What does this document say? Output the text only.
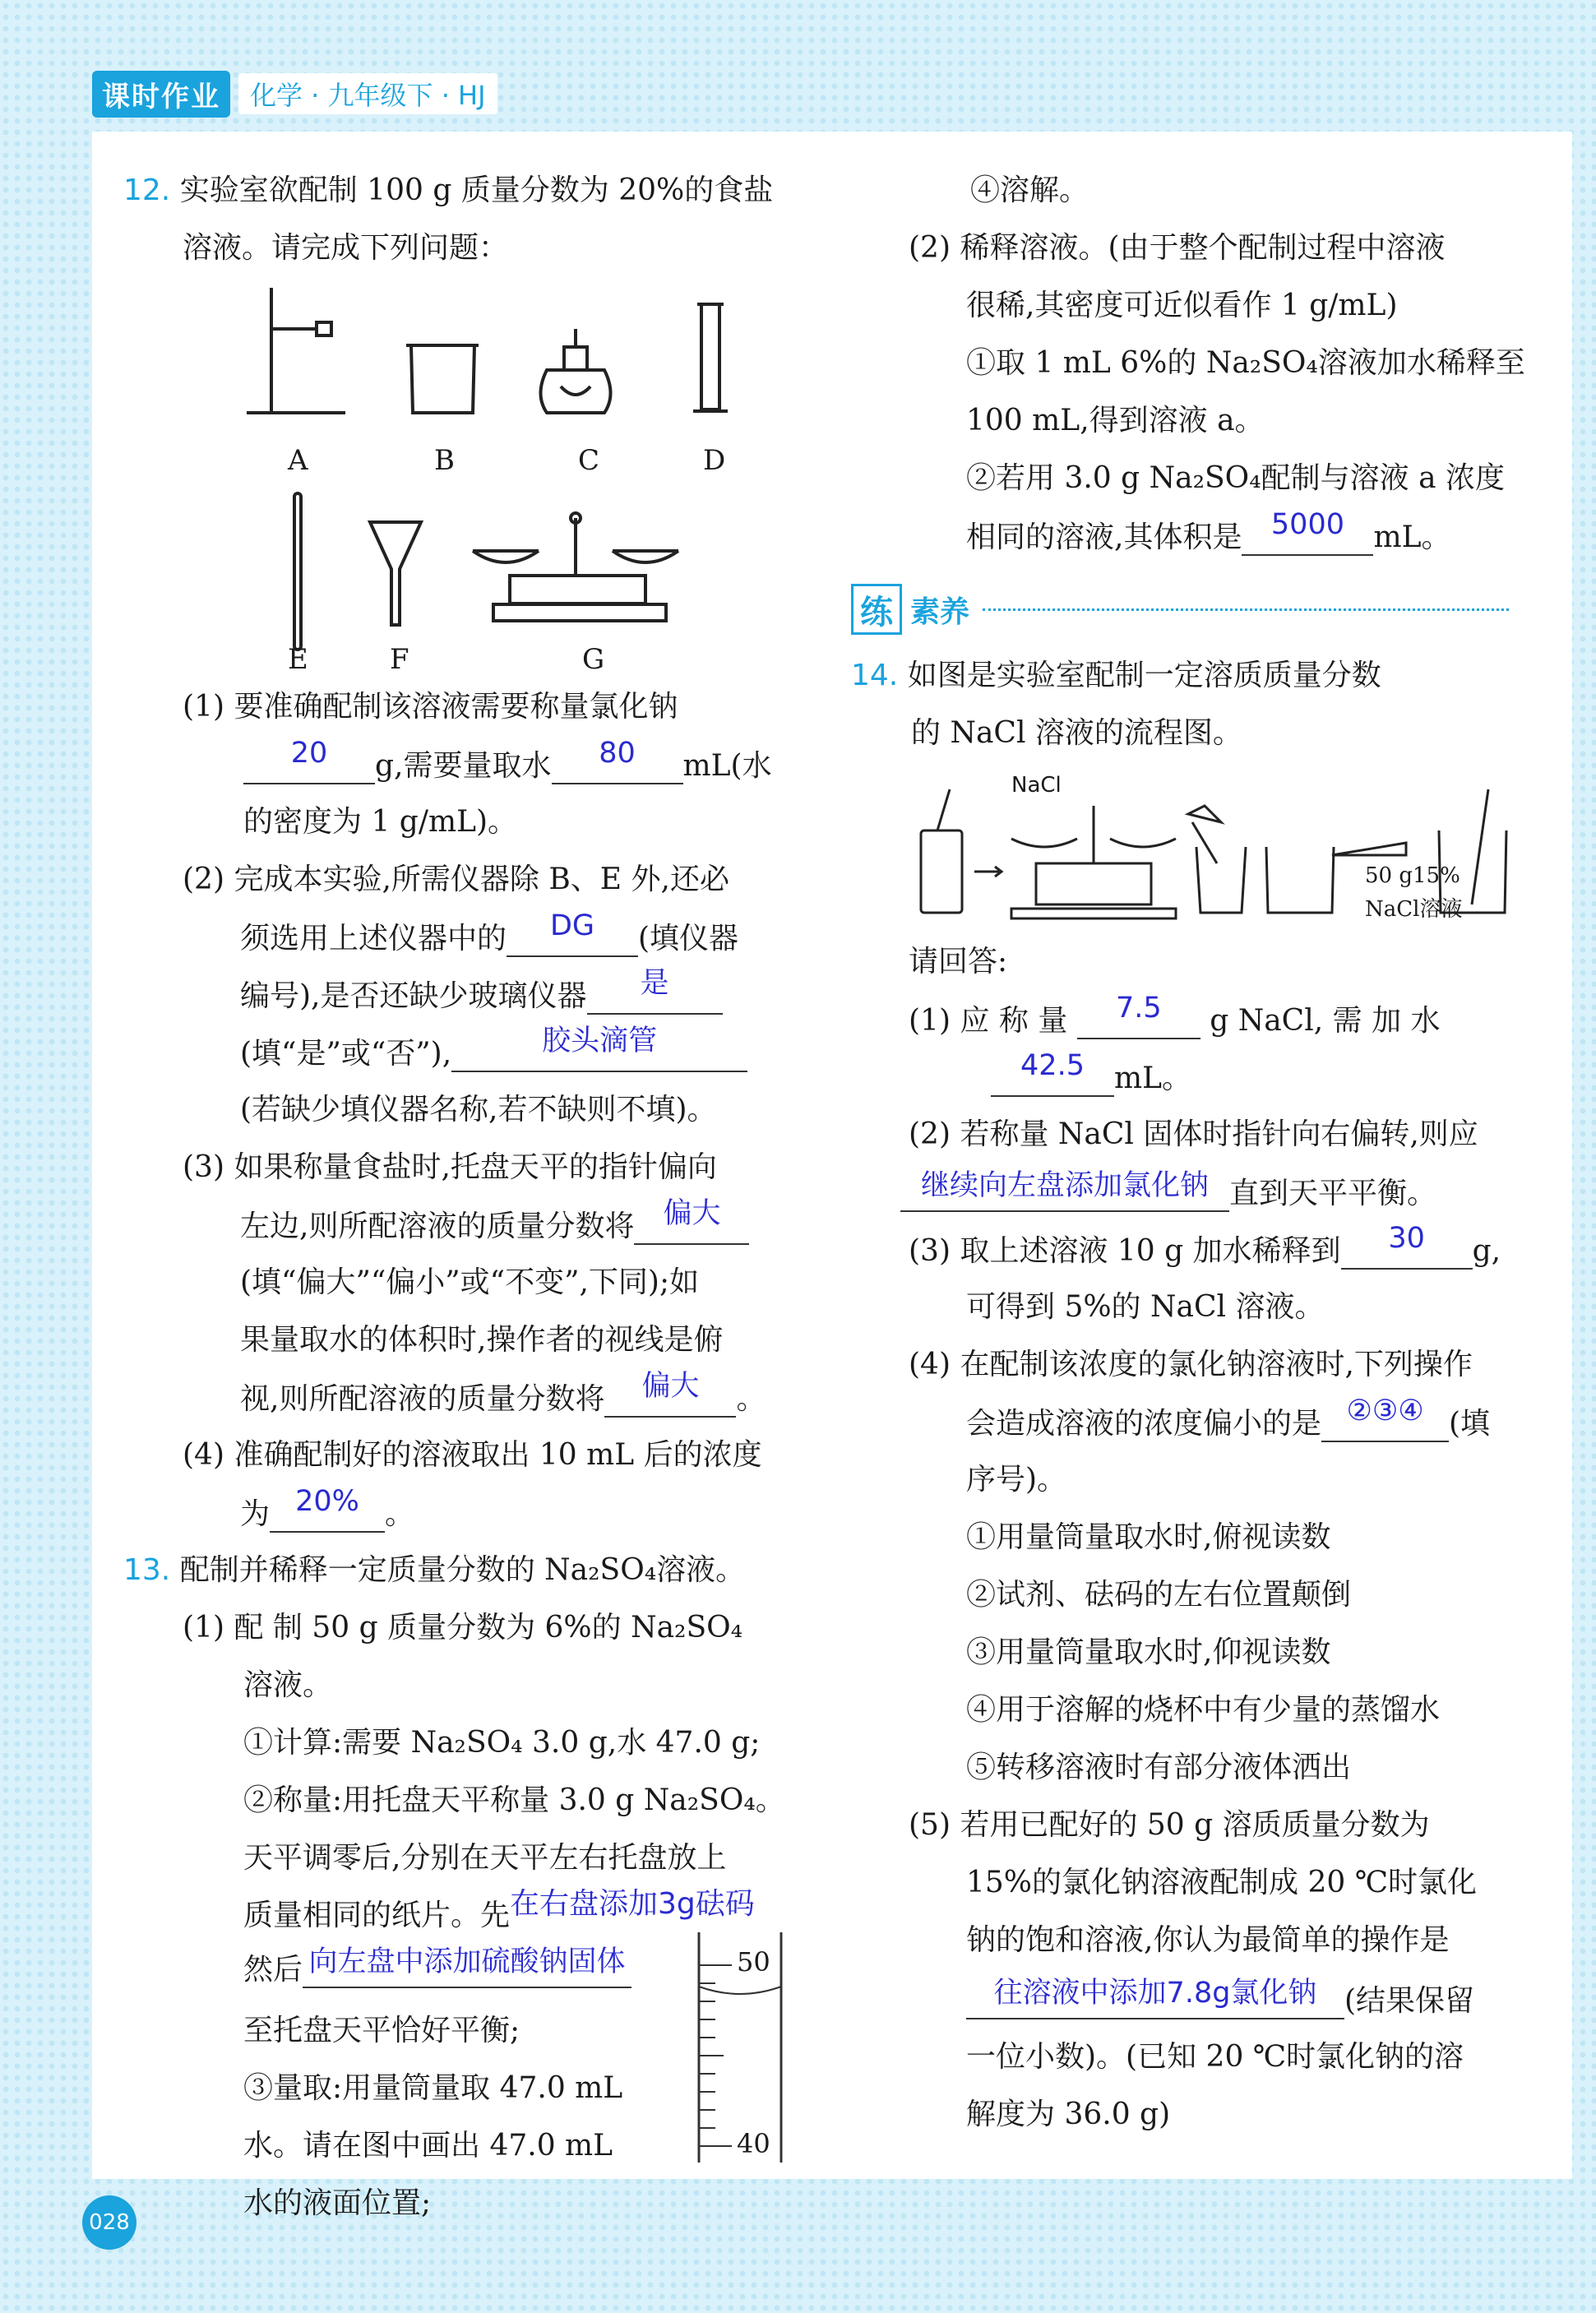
课时作业	化学 · 九年级下 · HJ
12. 实验室欲配制 100 g 质量分数为 20%的食盐
溶液。请完成下列问题：
A	B	C	D
E	F	G
(1) 要准确配制该溶液需要称量氯化钠
20	g,需要量取水	80	mL(水
的密度为 1 g/mL)。
(2) 完成本实验,所需仪器除 B、E 外,还必
须选用上述仪器中的	DG	(填仪器
编号),是否还缺少玻璃仪器	是
(填“是”或“否”),	胶头滴管
(若缺少填仪器名称,若不缺则不填)。
(3) 如果称量食盐时,托盘天平的指针偏向
左边,则所配溶液的质量分数将 偏大
(填“偏大”“偏小”或“不变”,下同);如
果量取水的体积时,操作者的视线是俯
视,则所配溶液的质量分数将	偏大	。
(4) 准确配制好的溶液取出 10 mL 后的浓度
为 20% 。
13. 配制并稀释一定质量分数的 Na₂SO₄溶液。
(1) 配 制 50 g 质量分数为 6%的 Na₂SO₄
溶液。
①计算:需要 Na₂SO₄ 3.0 g,水 47.0 g;
②称量:用托盘天平称量 3.0 g Na₂SO₄。
天平调零后,分别在天平左右托盘放上
质量相同的纸片。先在右盘添加3g砝码
然后 向左盘中添加硫酸钠固体
至托盘天平恰好平衡;
③量取:用量筒量取 47.0 mL
水。请在图中画出 47.0 mL
水的液面位置;
50
40
④溶解。
(2) 稀释溶液。(由于整个配制过程中溶液
很稀,其密度可近似看作 1 g/mL)
①取 1 mL 6%的 Na₂SO₄溶液加水稀释至
100 mL,得到溶液 a。
②若用 3.0 g Na₂SO₄配制与溶液 a 浓度
相同的溶液,其体积是	5000 mL。
练 素养
14. 如图是实验室配制一定溶质质量分数
的 NaCl 溶液的流程图。
NaCl
50 g15%
NaCl溶液
请回答:
(1) 应 称 量	7.5	g NaCl, 需 加 水
42.5	mL。
(2) 若称量 NaCl 固体时指针向右偏转,则应
继续向左盘添加氯化钠 直到天平平衡。
(3) 取上述溶液 10 g 加水稀释到	30	g,
可得到 5%的 NaCl 溶液。
(4) 在配制该浓度的氯化钠溶液时,下列操作
会造成溶液的浓度偏小的是 ②③④ (填
序号)。
①用量筒量取水时,俯视读数
②试剂、砝码的左右位置颠倒
③用量筒量取水时,仰视读数
④用于溶解的烧杯中有少量的蒸馏水
⑤转移溶液时有部分液体洒出
(5) 若用已配好的 50 g 溶质质量分数为
15%的氯化钠溶液配制成 20 ℃时氯化
钠的饱和溶液,你认为最简单的操作是
往溶液中添加7.8g氯化钠 (结果保留
一位小数)。(已知 20 ℃时氯化钠的溶
解度为 36.0 g)
028
